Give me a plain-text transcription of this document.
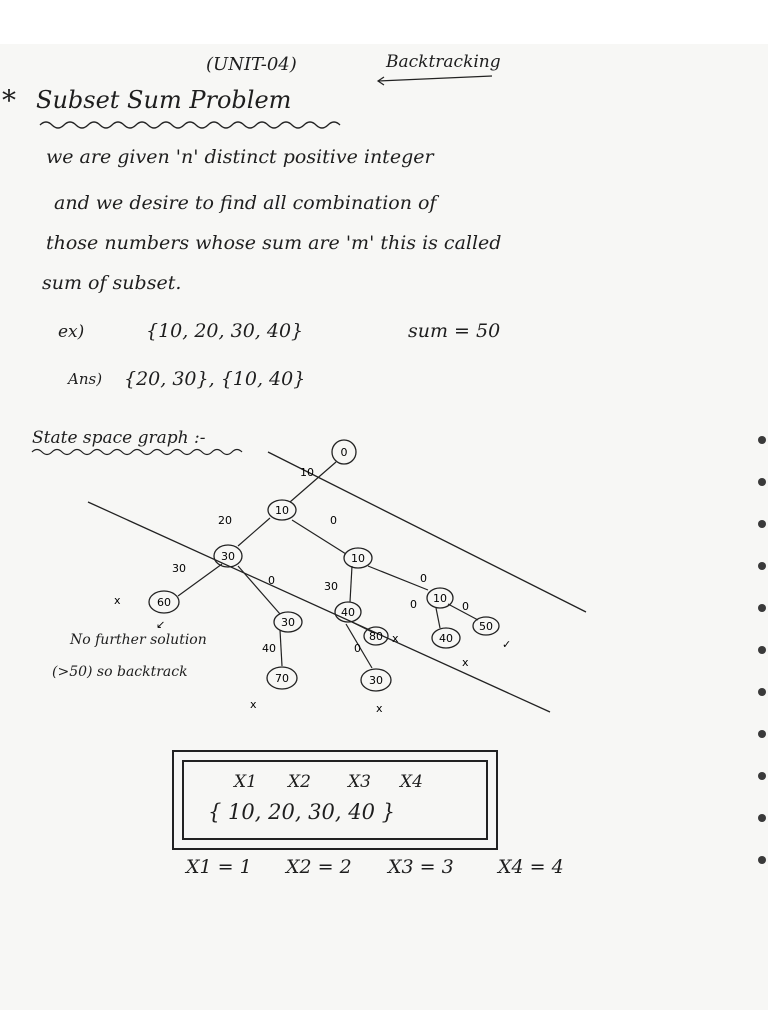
(UNIT-04)	Backtracking
* Subset Sum Problem
we are given 'n' distinct positive integer
and we desire to find all combination of
those numbers whose sum are 'm' this is called
sum of subset.
ex)	{10, 20, 30, 40}	sum = 50
Ans) {20, 30}, {10, 40}
State space graph :-
0
10
30	10
60
30
40
10
70
80	40
30
50
10
0
20
0
30
30
0
0
40	0
0
x
x
x
x
x
↙
✓
No further solution
(>50) so backtrack
X1 X2 X3 X4
{ 10, 20, 30, 40 }
X1 = 1 X2 = 2 X3 = 3 X4 = 4
